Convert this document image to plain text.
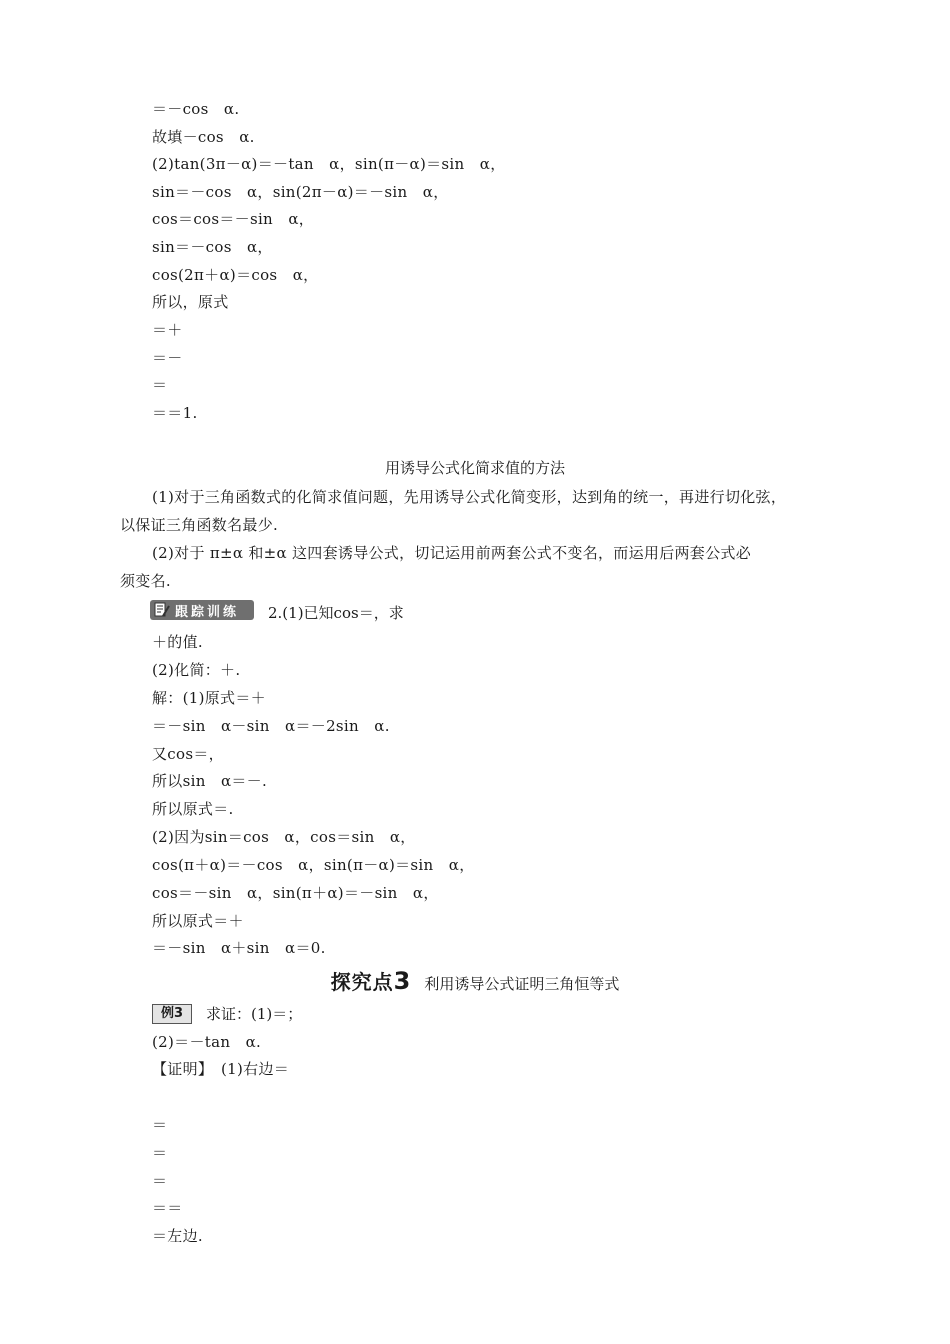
＝－cos　α.
故填－cos　α.
(2)tan(3π－α)＝－tan　α，sin(π－α)＝sin　α，
sin＝－cos　α，sin(2π－α)＝－sin　α，
cos＝cos＝－sin　α，
sin＝－cos　α，
cos(2π＋α)＝cos　α，
所以，原式
＝＋
＝－
＝
＝＝1.
用诱导公式化简求值的方法
(1)对于三角函数式的化简求值问题，先用诱导公式化简变形，达到角的统一，再进行切化弦，
以保证三角函数名最少.
(2)对于 π±α 和±α 这四套诱导公式，切记运用前两套公式不变名，而运用后两套公式必
须变名.
跟踪训练 2.(1)已知cos＝，求
＋的值.
(2)化简：＋.
解：(1)原式＝＋
＝－sin　α－sin　α＝－2sin　α.
又cos＝，
所以sin　α＝－.
所以原式＝.
(2)因为sin＝cos　α，cos＝sin　α，
cos(π＋α)＝－cos　α，sin(π－α)＝sin　α，
cos＝－sin　α，sin(π＋α)＝－sin　α，
所以原式＝＋
＝－sin　α＋sin　α＝0.
探究点3 利用诱导公式证明三角恒等式
例3	求证：(1)＝；
(2)＝－tan　α.
【证明】　(1)右边＝
＝
＝
＝
＝＝
＝左边.
